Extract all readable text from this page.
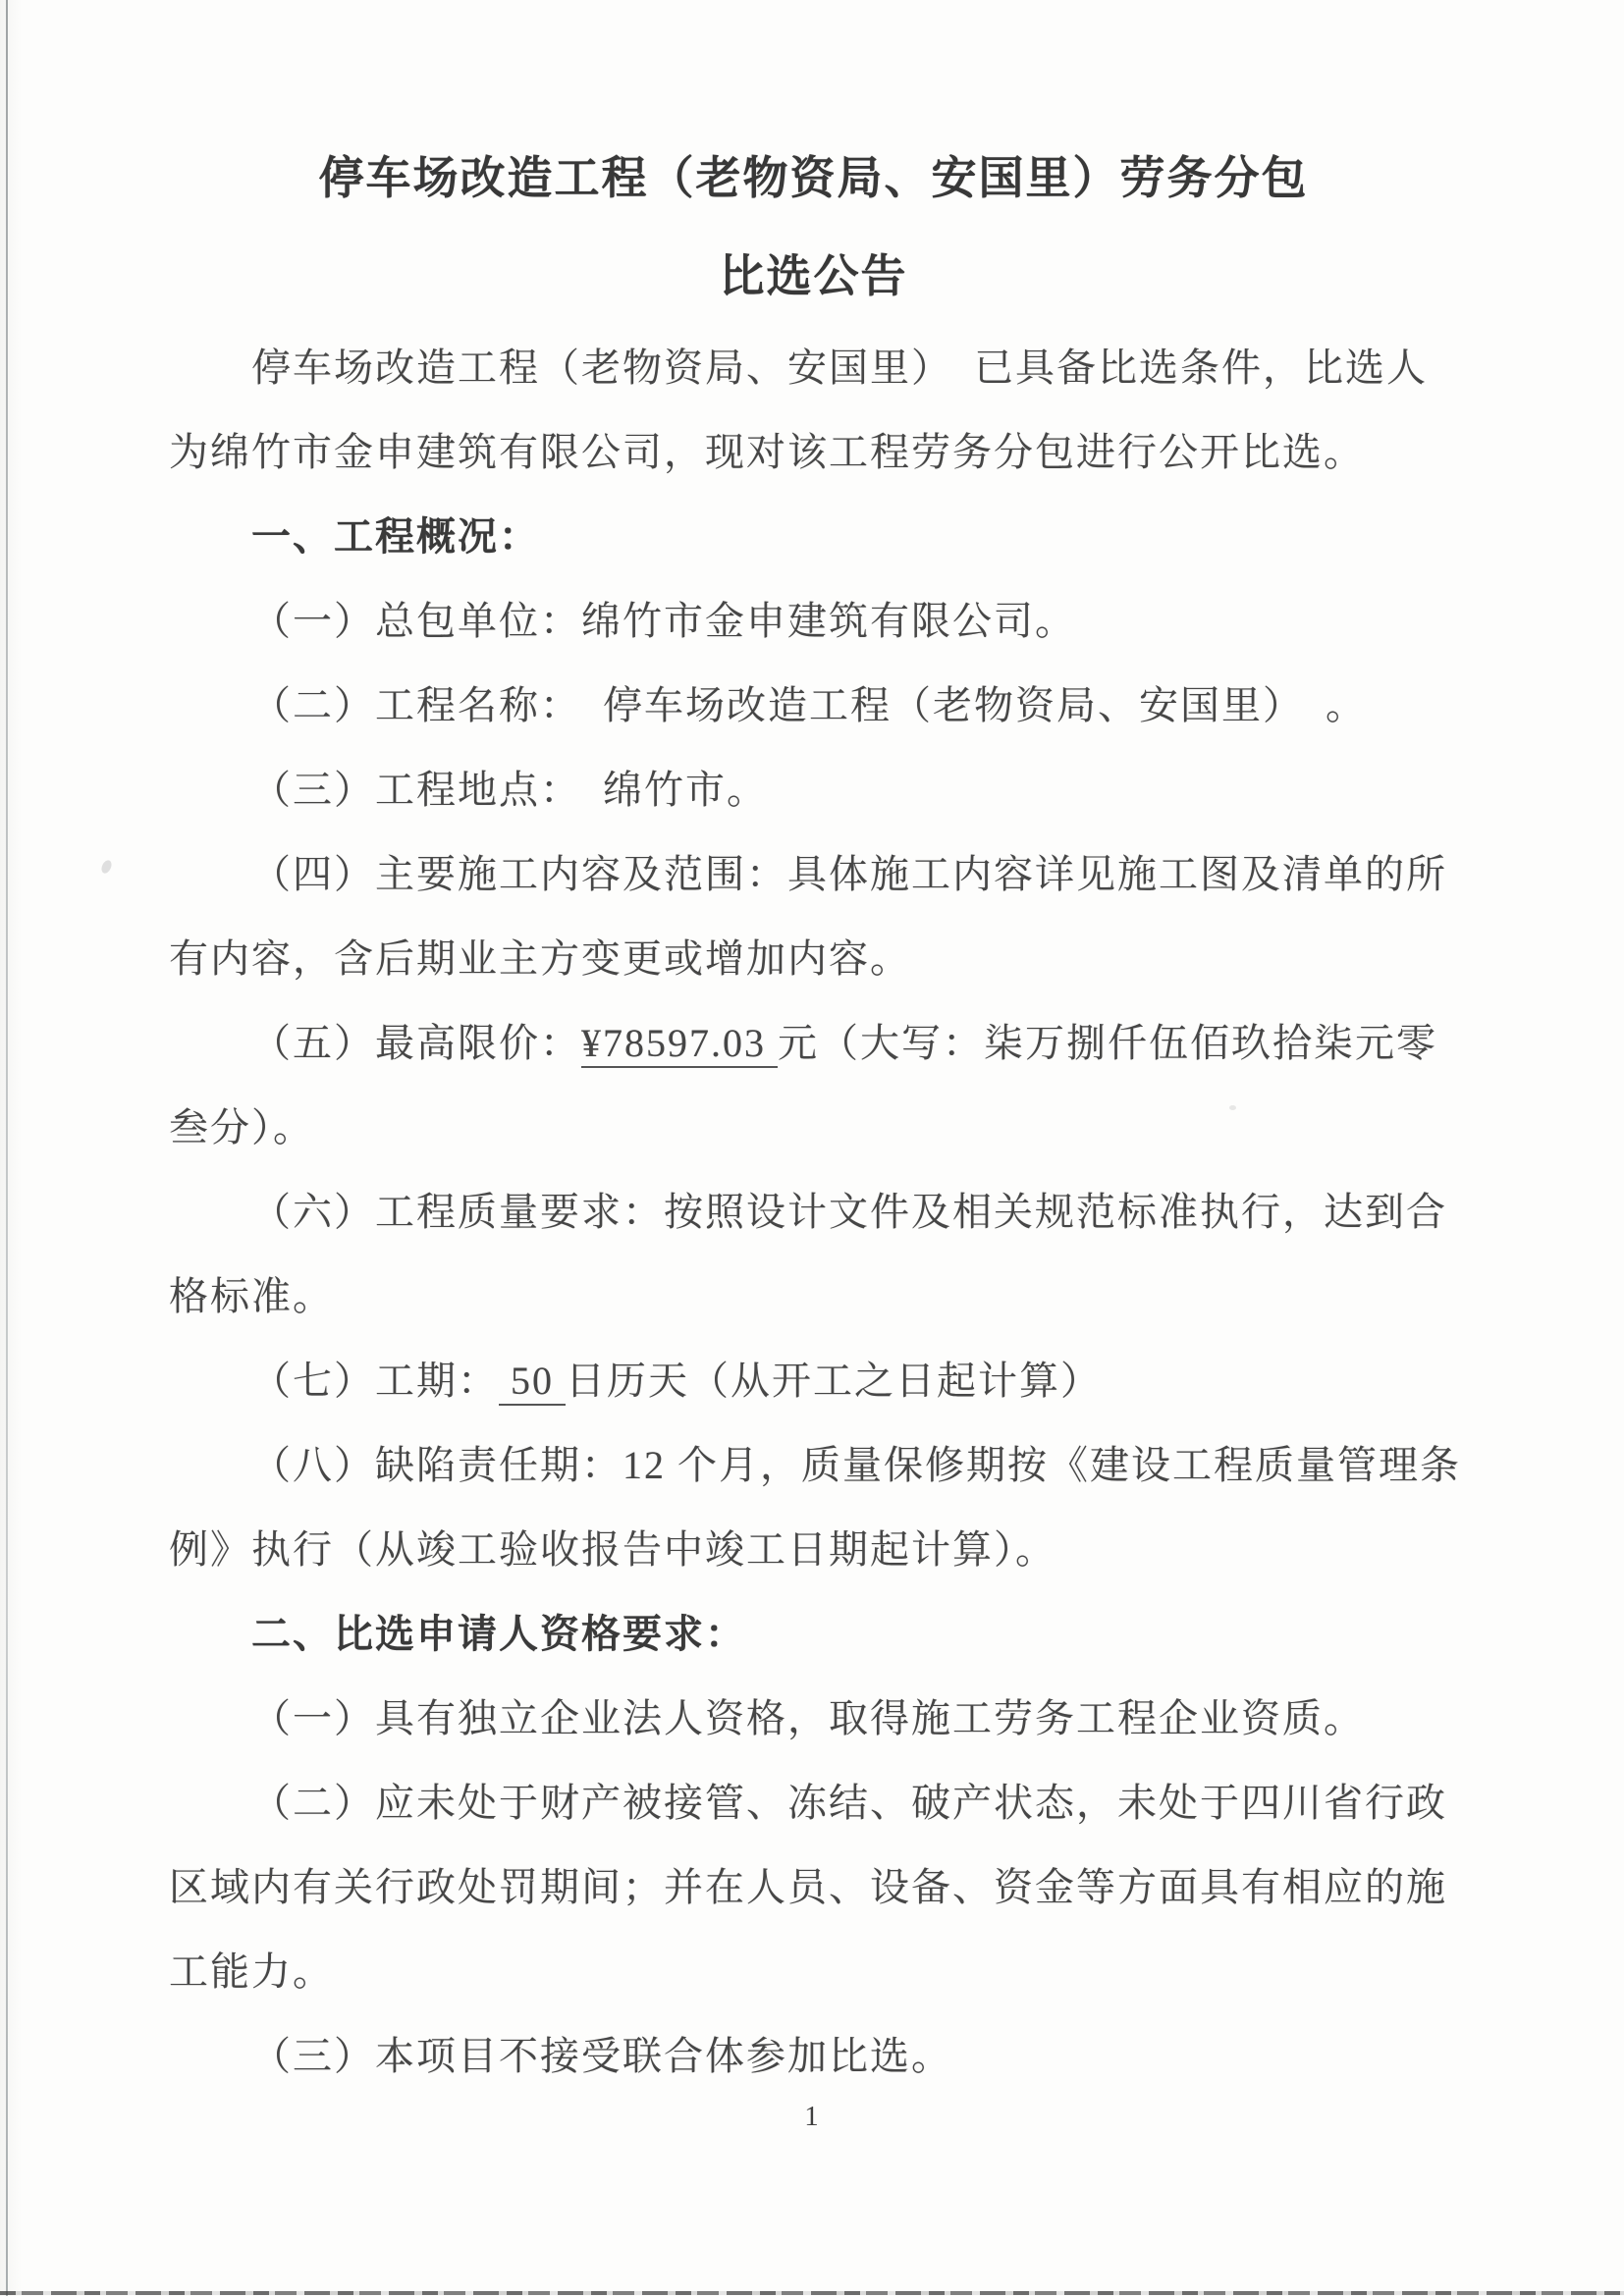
停车场改造工程（老物资局、安国里）劳务分包
比选公告
停车场改造工程（老物资局、安国里）　已具备比选条件，比选人
为绵竹市金申建筑有限公司，现对该工程劳务分包进行公开比选。
一、工程概况：
（一）总包单位：绵竹市金申建筑有限公司。
（二）工程名称：　停车场改造工程（老物资局、安国里）　。
（三）工程地点：　绵竹市。
（四）主要施工内容及范围：具体施工内容详见施工图及清单的所
有内容，含后期业主方变更或增加内容。
（五）最高限价：¥78597.03 元（大写：柒万捌仟伍佰玖拾柒元零
叁分）。
（六）工程质量要求：按照设计文件及相关规范标准执行，达到合
格标准。
（七）工期： 50 日历天（从开工之日起计算）
（八）缺陷责任期：12 个月，质量保修期按《建设工程质量管理条
例》执行（从竣工验收报告中竣工日期起计算）。
二、比选申请人资格要求：
（一）具有独立企业法人资格，取得施工劳务工程企业资质。
（二）应未处于财产被接管、冻结、破产状态，未处于四川省行政
区域内有关行政处罚期间；并在人员、设备、资金等方面具有相应的施
工能力。
（三）本项目不接受联合体参加比选。
1
